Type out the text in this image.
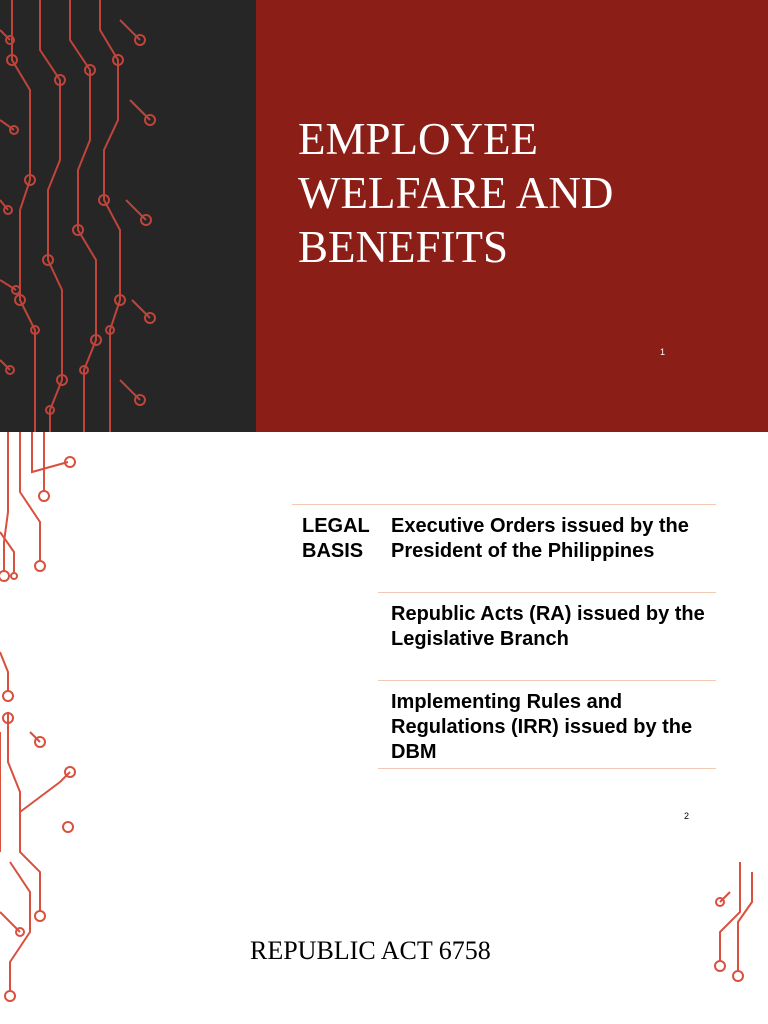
EMPLOYEE
WELFARE AND
BENEFITS
1
LEGAL BASIS
Executive Orders issued by the President of the Philippines
Republic Acts (RA) issued by the Legislative Branch
Implementing Rules and Regulations (IRR) issued by the DBM
2
REPUBLIC ACT 6758
